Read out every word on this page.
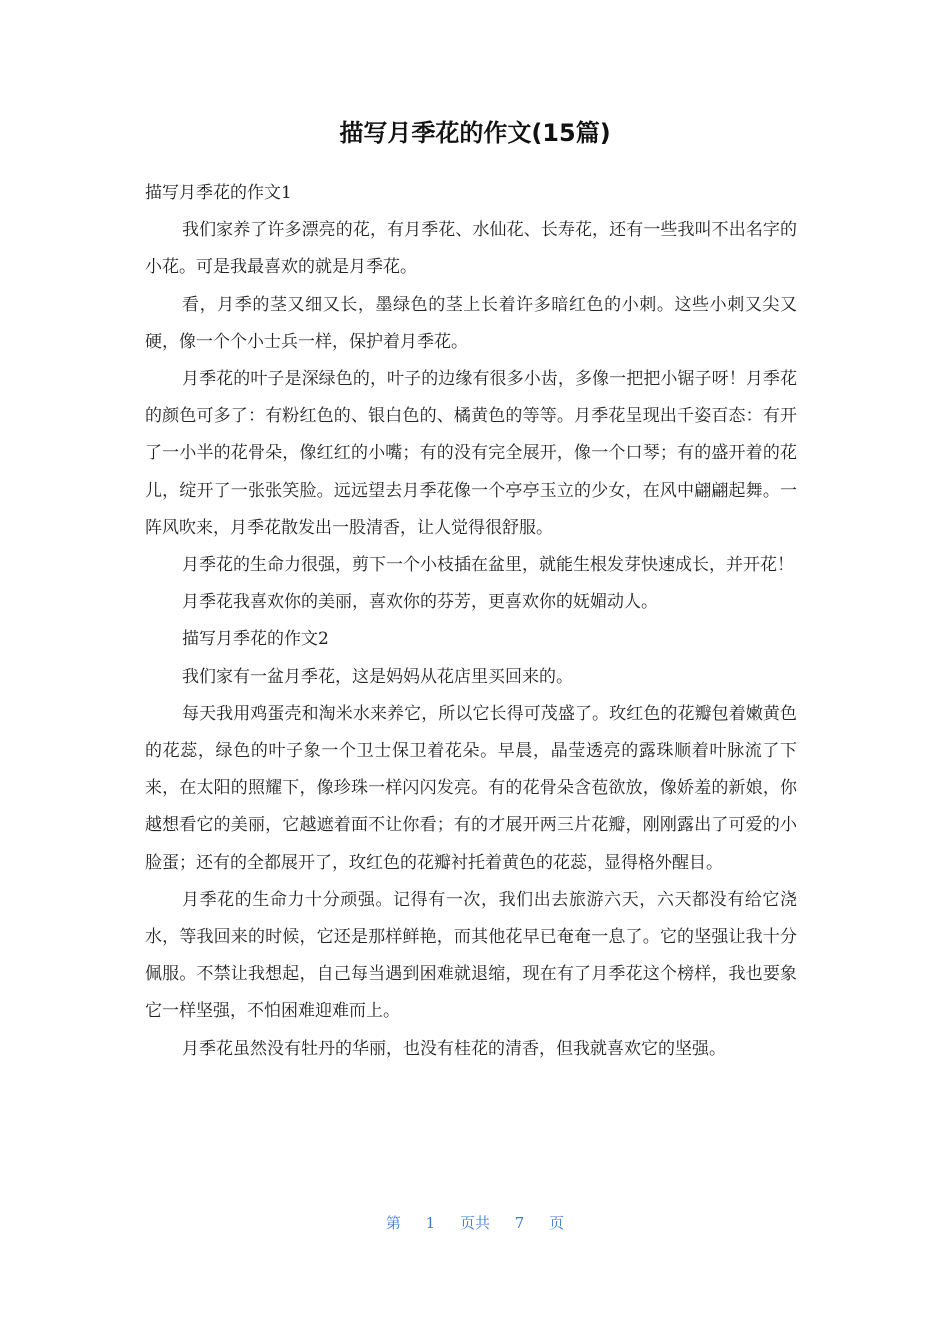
描写月季花的作文(15篇)

描写月季花的作文1

我们家养了许多漂亮的花，有月季花、水仙花、长寿花，还有一些我叫不出名字的小花。可是我最喜欢的就是月季花。

看，月季的茎又细又长，墨绿色的茎上长着许多暗红色的小刺。这些小刺又尖又硬，像一个个小士兵一样，保护着月季花。

月季花的叶子是深绿色的，叶子的边缘有很多小齿，多像一把把小锯子呀！月季花的颜色可多了：有粉红色的、银白色的、橘黄色的等等。月季花呈现出千姿百态：有开了一小半的花骨朵，像红红的小嘴；有的没有完全展开，像一个口琴；有的盛开着的花儿，绽开了一张张笑脸。远远望去月季花像一个亭亭玉立的少女，在风中翩翩起舞。一阵风吹来，月季花散发出一股清香，让人觉得很舒服。

月季花的生命力很强，剪下一个小枝插在盆里，就能生根发芽快速成长，并开花！

月季花我喜欢你的美丽，喜欢你的芬芳，更喜欢你的妩媚动人。

描写月季花的作文2

我们家有一盆月季花，这是妈妈从花店里买回来的。

每天我用鸡蛋壳和淘米水来养它，所以它长得可茂盛了。玫红色的花瓣包着嫩黄色的花蕊，绿色的叶子象一个卫士保卫着花朵。早晨，晶莹透亮的露珠顺着叶脉流了下来，在太阳的照耀下，像珍珠一样闪闪发亮。有的花骨朵含苞欲放，像娇羞的新娘，你越想看它的美丽，它越遮着面不让你看；有的才展开两三片花瓣，刚刚露出了可爱的小脸蛋；还有的全都展开了，玫红色的花瓣衬托着黄色的花蕊，显得格外醒目。

月季花的生命力十分顽强。记得有一次，我们出去旅游六天，六天都没有给它浇水，等我回来的时候，它还是那样鲜艳，而其他花早已奄奄一息了。它的坚强让我十分佩服。不禁让我想起，自己每当遇到困难就退缩，现在有了月季花这个榜样，我也要象它一样坚强，不怕困难迎难而上。

月季花虽然没有牡丹的华丽，也没有桂花的清香，但我就喜欢它的坚强。

第 1 页共 7 页
